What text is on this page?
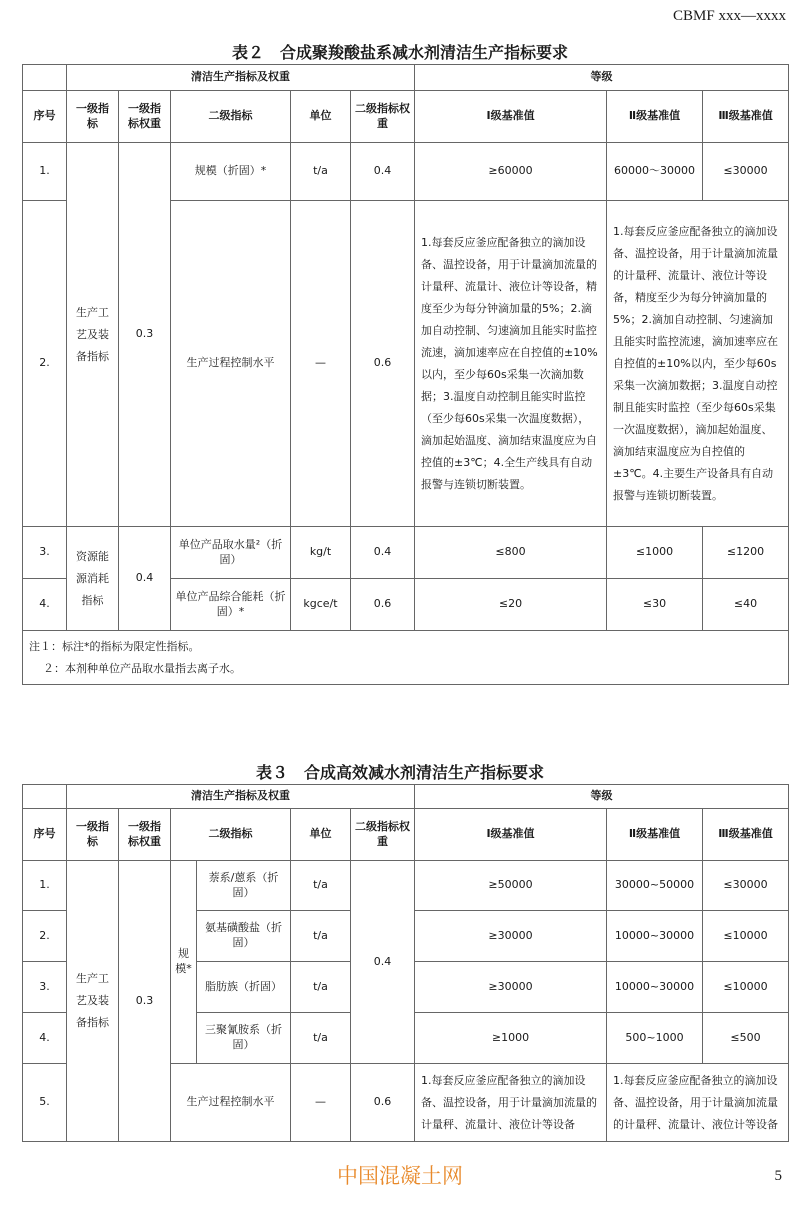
CBMF xxx—xxxx
表２　合成聚羧酸盐系减水剂清洁生产指标要求
	清洁生产指标及权重					等级		
序号	一级指标	一级指标权重	二级指标	单位	二级指标权重	Ⅰ级基准值	Ⅱ级基准值	Ⅲ级基准值
1.	生产工艺及装备指标	0.3	规模（折固）*	t/a	0.4	≥60000	60000～30000	≤30000
2.			生产过程控制水平	—	0.6	1.每套反应釜应配备独立的滴加设备、温控设备，用于计量滴加流量的计量秤、流量计、液位计等设备，精度至少为每分钟滴加量的5%；2.滴加自动控制、匀速滴加且能实时监控流速，滴加速率应在自控值的±10%以内，至少每60s采集一次滴加数据；3.温度自动控制且能实时监控（至少每60s采集一次温度数据），滴加起始温度、滴加结束温度应为自控值的±3℃；4.全生产线具有自动报警与连锁切断装置。	1.每套反应釜应配备独立的滴加设备、温控设备，用于计量滴加流量的计量秤、流量计、液位计等设备，精度至少为每分钟滴加量的5%；2.滴加自动控制、匀速滴加且能实时监控流速，滴加速率应在自控值的±10%以内，至少每60s采集一次滴加数据；3.温度自动控制且能实时监控（至少每60s采集一次温度数据），滴加起始温度、滴加结束温度应为自控值的±3℃。4.主要生产设备具有自动报警与连锁切断装置。	
3.	资源能源消耗指标	0.4	单位产品取水量²（折固）	kg/t	0.4	≤800	≤1000	≤1200
4.			单位产品综合能耗（折固）*	kgce/t	0.6	≤20	≤30	≤40

注１：标注*的指标为限定性指标。
２：本剂种单位产品取水量指去离子水。								
表３　合成高效减水剂清洁生产指标要求
	清洁生产指标及权重						等级		
序号	一级指标	一级指标权重	二级指标		单位	二级指标权重	Ⅰ级基准值	Ⅱ级基准值	Ⅲ级基准值
1.	生产工艺及装备指标	0.3	规模*	萘系/蒽系（折固）	t/a	0.4	≥50000	30000~50000	≤30000
2.				氨基磺酸盐（折固）	t/a		≥30000	10000~30000	≤10000
3.				脂肪族（折固）	t/a		≥30000	10000~30000	≤10000
4.				三聚氰胺系（折固）	t/a		≥1000	500~1000	≤500
5.			生产过程控制水平		—	0.6	1.每套反应釜应配备独立的滴加设备、温控设备，用于计量滴加流量的计量秤、流量计、液位计等设备	1.每套反应釜应配备独立的滴加设备、温控设备，用于计量滴加流量的计量秤、流量计、液位计等设备	
中国混凝土网	5
